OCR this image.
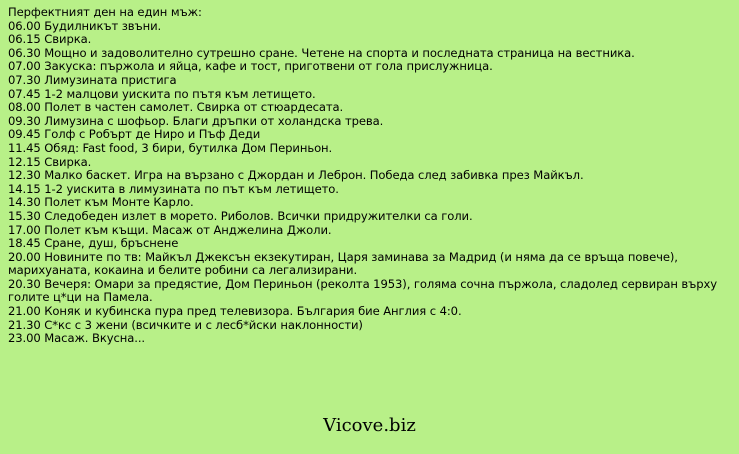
Перфектният ден на един мъж:
06.00 Будилникът звъни.
06.15 Свирка.
06.30 Мощно и задоволително сутрешно сране. Четене на спорта и последната страница на вестника.
07.00 Закуска: пържола и яйца, кафе и тост, приготвени от гола прислужница.
07.30 Лимузината пристига
07.45 1-2 малцови уискита по пътя към летището.
08.00 Полет в частен самолет. Свирка от стюардесата.
09.30 Лимузина с шофьор. Благи дръпки от холандска трева.
09.45 Голф с Робърт де Ниро и Пъф Деди
11.45 Обяд: Fast food, 3 бири, бутилка Дом Периньон.
12.15 Свирка.
12.30 Малко баскет. Игра на вързано с Джордан и Леброн. Победа след забивка през Майкъл.
14.15 1-2 уискита в лимузината по път към летището.
14.30 Полет към Монте Карло.
15.30 Следобеден излет в морето. Риболов. Всички придружителки са голи.
17.00 Полет към къщи. Масаж от Анджелина Джоли.
18.45 Сране, душ, бръснене
20.00 Новините по тв: Майкъл Джексън екзекутиран, Царя заминава за Мадрид (и няма да се връща повече), марихуаната, кокаина и белите робини са легализирани.
20.30 Вечеря: Омари за предястие, Дом Периньон (реколта 1953), голяма сочна пържола, сладолед сервиран върху голите ц*ци на Памела.
21.00 Коняк и кубинска пура пред телевизора. България бие Англия с 4:0.
21.30 С*кс с 3 жени (всичките и с лесб*йски наклонности)
23.00 Масаж. Вкусна...
Vicove.biz
